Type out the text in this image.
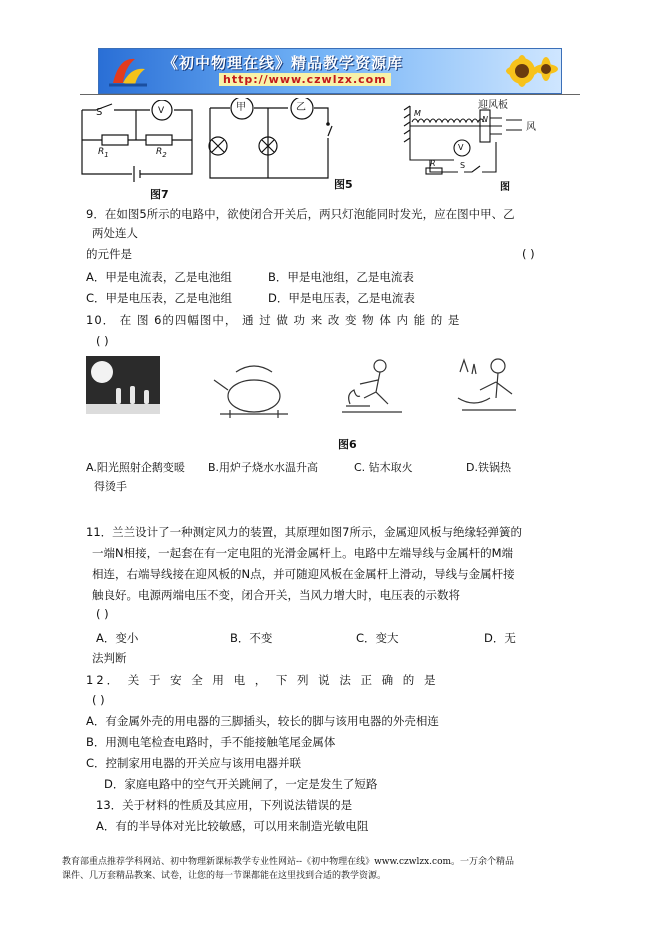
《初中物理在线》精品教学资源库
http://www.czwlzx.com
S	V
$R_1$	$R_2$
图7
甲	乙
图5
迎风板
风
M
N
V
R	S
图
9．在如图5所示的电路中，欲使闭合开关后，两只灯泡能同时发光，应在图中甲、乙
两处连人
的元件是	( )
A．甲是电流表，乙是电池组	B．甲是电池组，乙是电流表
C．甲是电压表，乙是电池组	D．甲是电压表，乙是电流表
10． 在 图 6的四幅图中， 通 过 做 功 来 改 变 物 体 内 能 的 是
( )
图6
A.阳光照射企鹅变暖 B.用炉子烧水水温升高	C. 钻木取火	D.铁锅热
得烫手
11．兰兰设计了一种测定风力的装置，其原理如图7所示，金属迎风板与绝缘轻弹簧的
一端N相接，一起套在有一定电阻的光滑金属杆上。电路中左端导线与金属杆的M端
相连，右端导线接在迎风板的N点，并可随迎风板在金属杆上滑动，导线与金属杆接
触良好。电源两端电压不变，闭合开关，当风力增大时，电压表的示数将
( )
A．变小	B．不变	C．变大	D．无
法判断
12． 关 于 安 全 用 电 ， 下 列 说 法 正 确 的 是
( )
A．有金属外壳的用电器的三脚插头，较长的脚与该用电器的外壳相连
B．用测电笔检查电路时，手不能接触笔尾金属体
C．控制家用电器的开关应与该用电器并联
D．家庭电路中的空气开关跳闸了，一定是发生了短路
13．关于材料的性质及其应用，下列说法错误的是
A．有的半导体对光比较敏感，可以用来制造光敏电阻
教育部重点推荐学科网站、初中物理新课标教学专业性网站--《初中物理在线》www.czwlzx.com。一万余个精品
课件、几万套精品教案、试卷，让您的每一节课都能在这里找到合适的教学资源。
